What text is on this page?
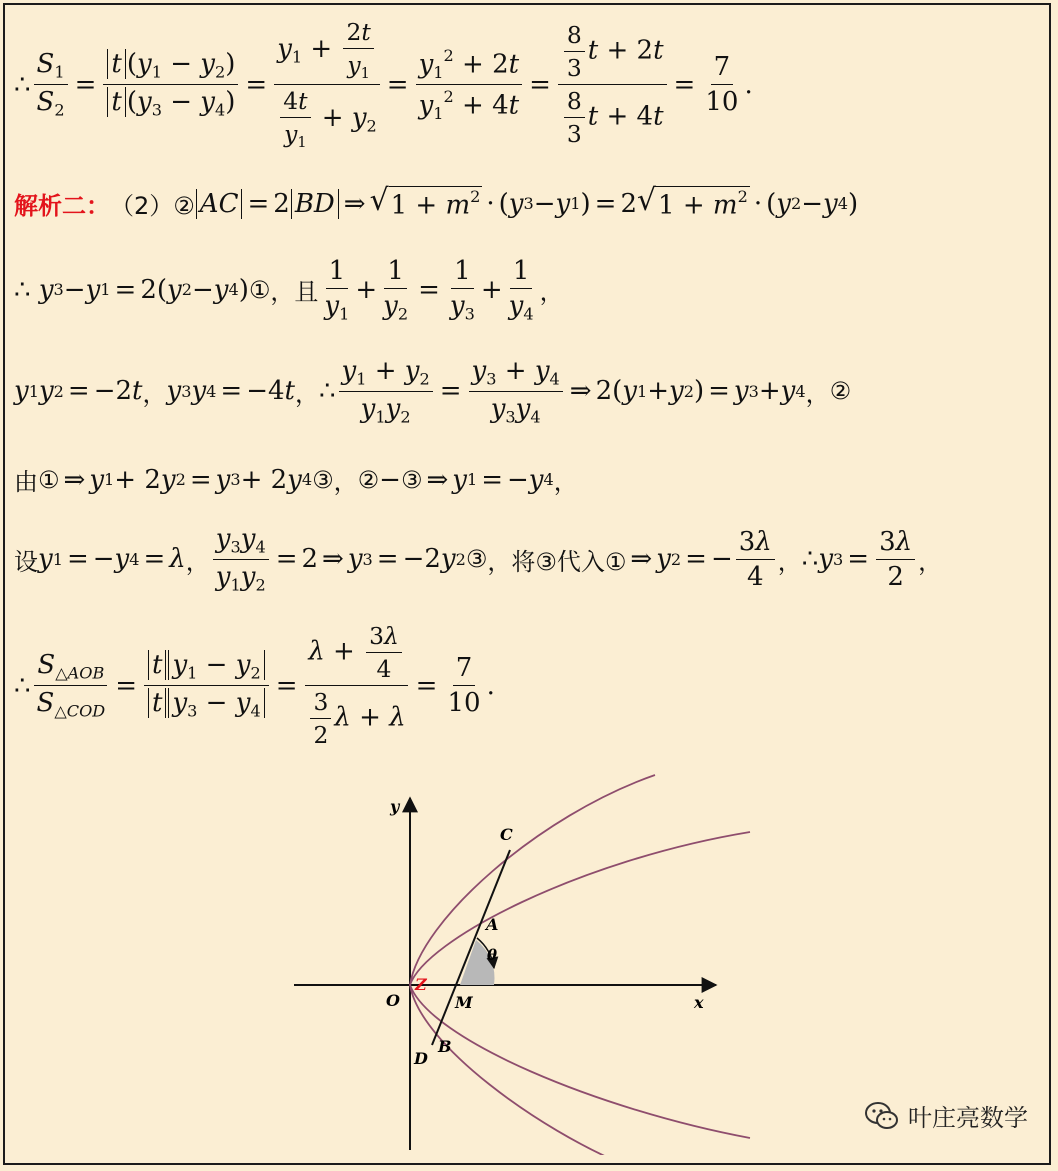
∴ $\frac{S_1}{S_2} = \frac{t (y_1 - y_2)}{t (y_3 - y_4)} = \frac{y_1 + \frac{2t}{y_1}}{\frac{4t}{y_1} + y_2} = \frac{y_1^2 + 2t}{y_1^2 + 4t} = \frac{\frac{8}{3} t + 2t}{\frac{8}{3} t + 4t} = \frac{7}{10}$ .
解析二： （2）② AC = 2 BD ⇒ √ $1 + m^2$ · ( y 3 − y 1 ) = 2 √ $1 + m^2$ · ( y 2 − y 4 )
∴
y 3 − y 1 = 2( y 2 − y 4 ) ① ，且 $\frac{1}{y_1} + \frac{1}{y_2} = \frac{1}{y_3} + \frac{1}{y_4}$ ，
y 1 y 2 = −2 t ， y 3 y 4 = −4 t ， ∴ $\frac{y_1 + y_2}{y_1y_2} = \frac{y_3 + y_4}{y_3y_4}$ ⇒ 2( y 1 + y 2 ) = y 3 + y 4 ， ②
由 ① ⇒ y 1 + 2 y 2 = y 3 + 2 y 4 ③ ， ② − ③ ⇒ y 1 = − y 4 ，
设 y 1 = − y 4 = λ ， $\frac{y_3y_4}{y_1y_2} = 2$ ⇒ y 3 = −2 y 2 ③ ，将③代入① ⇒ y 2 = − $\frac{3\lambda}{4}$ ， ∴ y $3 = \frac{3\lambda}{2}$ ，
∴ $\frac{S_{\triangle AOB}}{S_{\triangle COD}} = \frac{t y_1 - y_2}{t y_3 - y_4} = \frac{\lambda + \frac{3\lambda}{4}}{\frac{3}{2} \lambda + \lambda} = \frac{7}{10}$ .
y
x
O
Z
C
A
θ
M
B
D
叶庄亮数学
